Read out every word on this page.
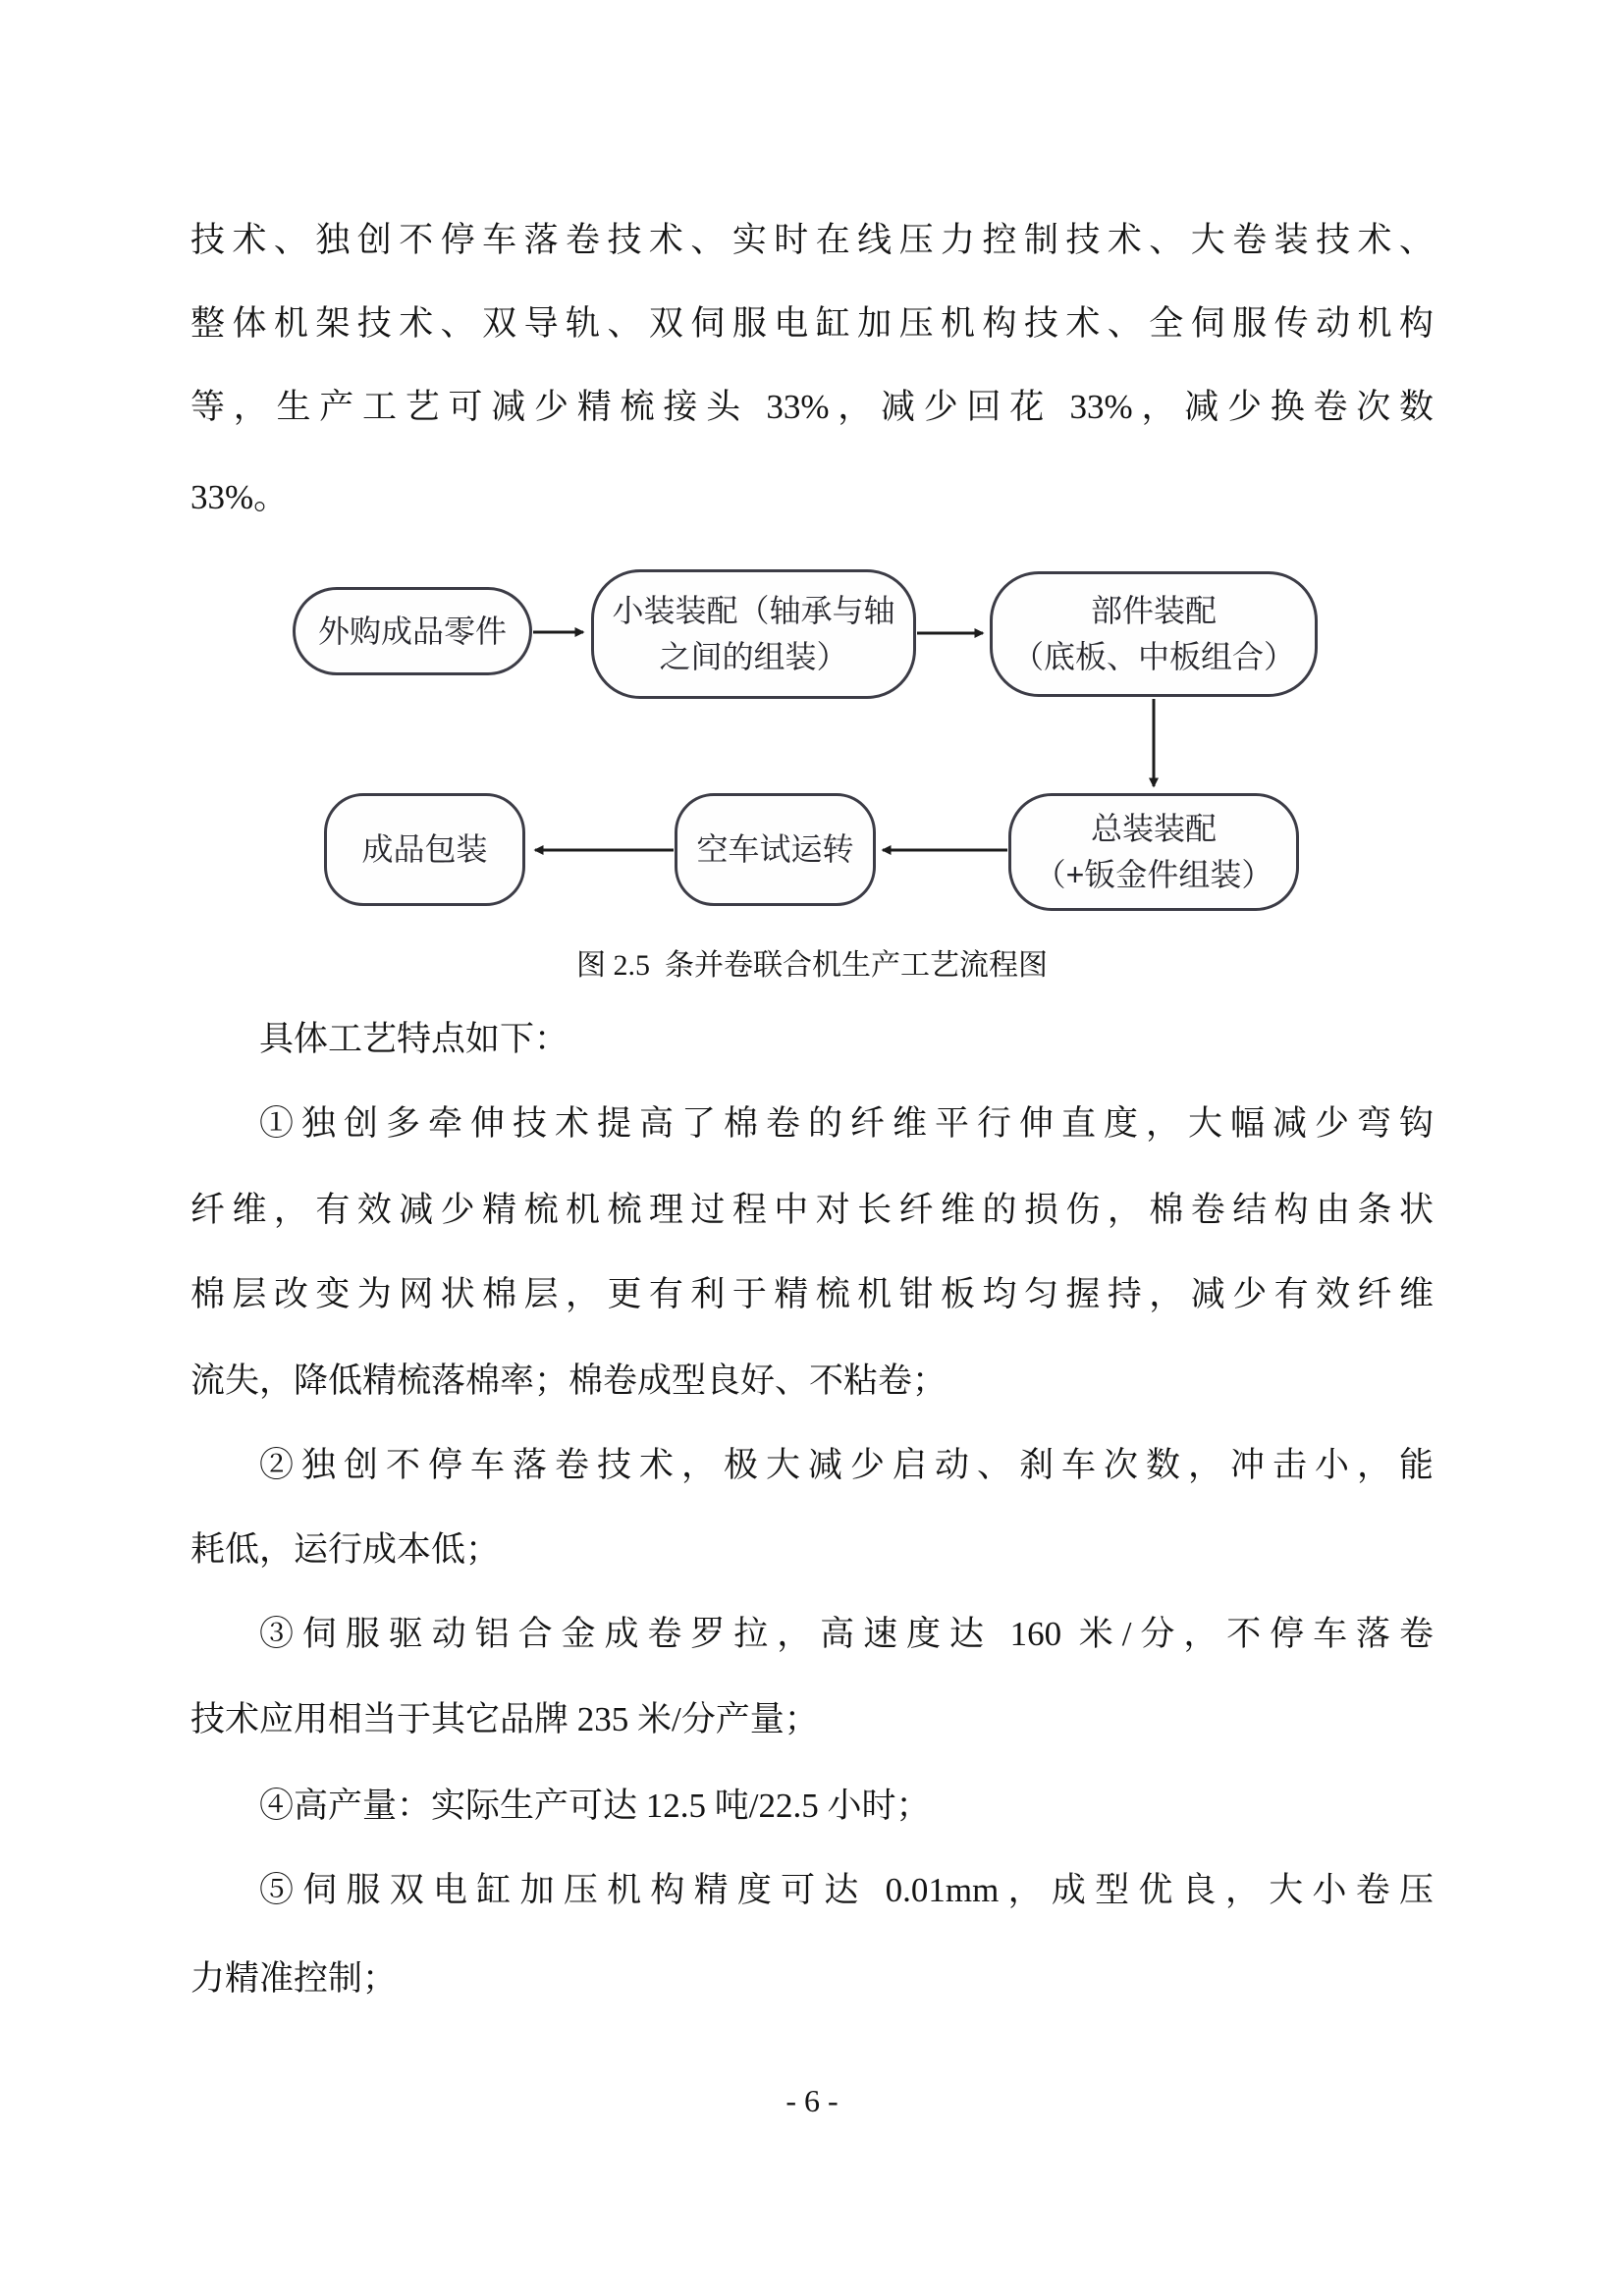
技术、独创不停车落卷技术、实时在线压力控制技术、大卷装技术、
整体机架技术、双导轨、双伺服电缸加压机构技术、全伺服传动机构
等，生产工艺可减少精梳接头 33%，减少回花 33%，减少换卷次数
33%。
外购成品零件
小装装配（轴承与轴
之间的组装）
部件装配
（底板、中板组合）
成品包装	空车试运转
总装装配
（+钣金件组装）
图 2.5  条并卷联合机生产工艺流程图
具体工艺特点如下：
①独创多牵伸技术提高了棉卷的纤维平行伸直度，大幅减少弯钩
纤维，有效减少精梳机梳理过程中对长纤维的损伤，棉卷结构由条状
棉层改变为网状棉层，更有利于精梳机钳板均匀握持，减少有效纤维
流失，降低精梳落棉率；棉卷成型良好、不粘卷；
②独创不停车落卷技术，极大减少启动、刹车次数，冲击小，能
耗低，运行成本低；
③伺服驱动铝合金成卷罗拉，高速度达 160 米/分，不停车落卷
技术应用相当于其它品牌 235 米/分产量；
④高产量：实际生产可达 12.5 吨/22.5 小时；
⑤伺服双电缸加压机构精度可达 0.01mm，成型优良，大小卷压
力精准控制；
- 6 -
